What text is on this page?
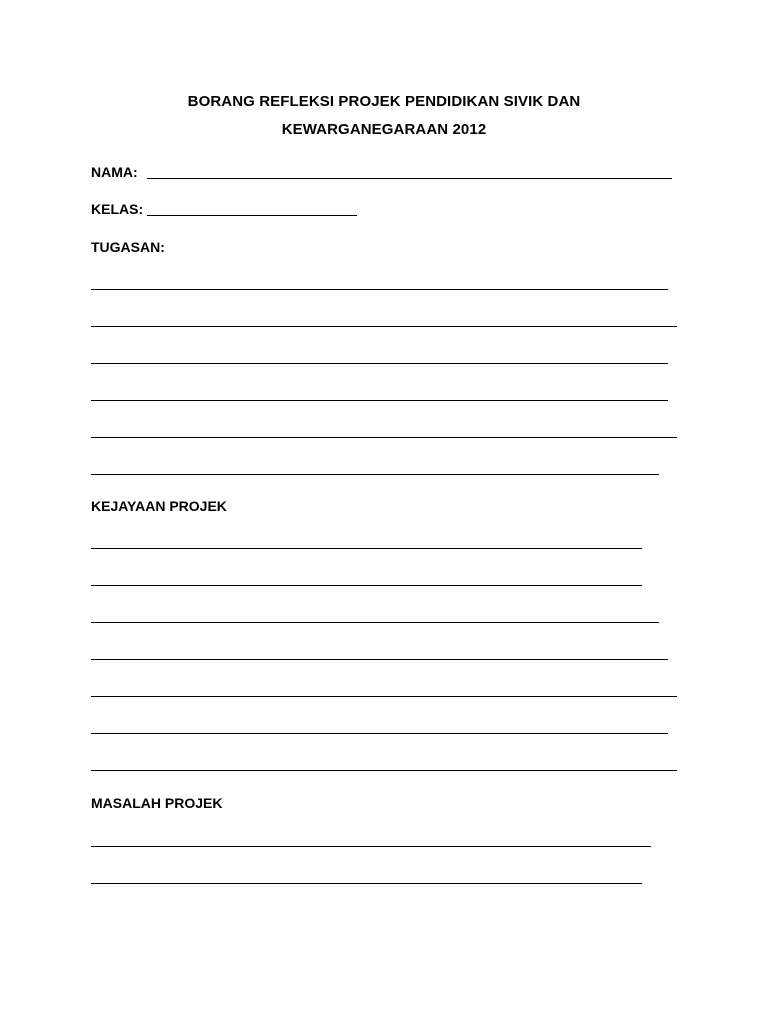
BORANG REFLEKSI PROJEK PENDIDIKAN SIVIK DAN
KEWARGANEGARAAN 2012
NAMA:
KELAS:
TUGASAN:
KEJAYAAN PROJEK
MASALAH PROJEK
